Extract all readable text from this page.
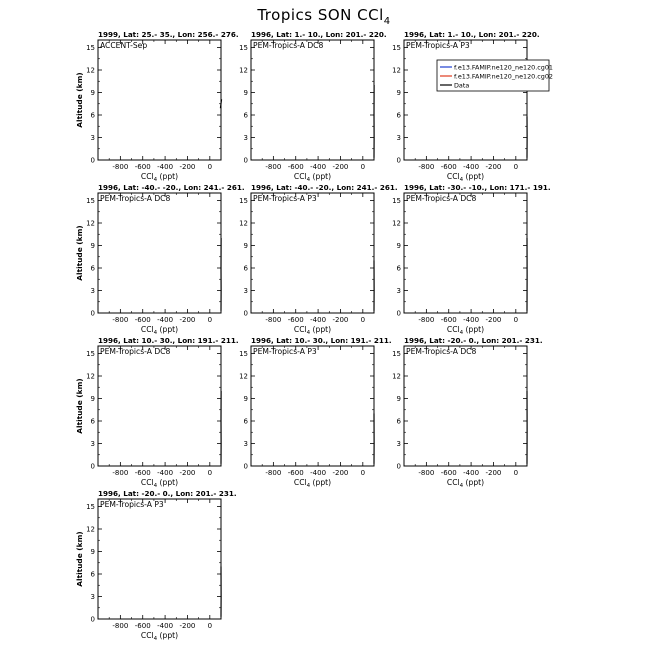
Tropics SON CCl$_4$
1999, Lat: 25.- 35., Lon: 256.- 276.
ACCENT-Sep
-800 -600 -400 -200 0
0
3
6
9
12
15
CCl$_4$ (ppt)
Altitude (km)
1996, Lat: 1.- 10., Lon: 201.- 220.
PEM-Tropics-A DC8
-800 -600 -400 -200 0
0
3
6
9
12
15
CCl$_4$ (ppt)
1996, Lat: 1.- 10., Lon: 201.- 220.
PEM-Tropics-A P3
-800 -600 -400 -200 0
0
3
6
9
12
15
CCl$_4$ (ppt)
f.e13.FAMIP.ne120_ne120.cg01
f.e13.FAMIP.ne120_ne120.cg02
Data
1996, Lat: -40.- -20., Lon: 241.- 261.
PEM-Tropics-A DC8
-800 -600 -400 -200 0
0
3
6
9
12
15
CCl$_4$ (ppt)
Altitude (km)
1996, Lat: -40.- -20., Lon: 241.- 261.
PEM-Tropics-A P3
-800 -600 -400 -200 0
0
3
6
9
12
15
CCl$_4$ (ppt)
1996, Lat: -30.- -10., Lon: 171.- 191.
PEM-Tropics-A DC8
-800 -600 -400 -200 0
0
3
6
9
12
15
CCl$_4$ (ppt)
1996, Lat: 10.- 30., Lon: 191.- 211.
PEM-Tropics-A DC8
-800 -600 -400 -200 0
0
3
6
9
12
15
CCl$_4$ (ppt)
Altitude (km)
1996, Lat: 10.- 30., Lon: 191.- 211.
PEM-Tropics-A P3
-800 -600 -400 -200 0
0
3
6
9
12
15
CCl$_4$ (ppt)
1996, Lat: -20.- 0., Lon: 201.- 231.
PEM-Tropics-A DC8
-800 -600 -400 -200 0
0
3
6
9
12
15
CCl$_4$ (ppt)
1996, Lat: -20.- 0., Lon: 201.- 231.
PEM-Tropics-A P3
-800 -600 -400 -200 0
0
3
6
9
12
15
CCl$_4$ (ppt)
Altitude (km)
